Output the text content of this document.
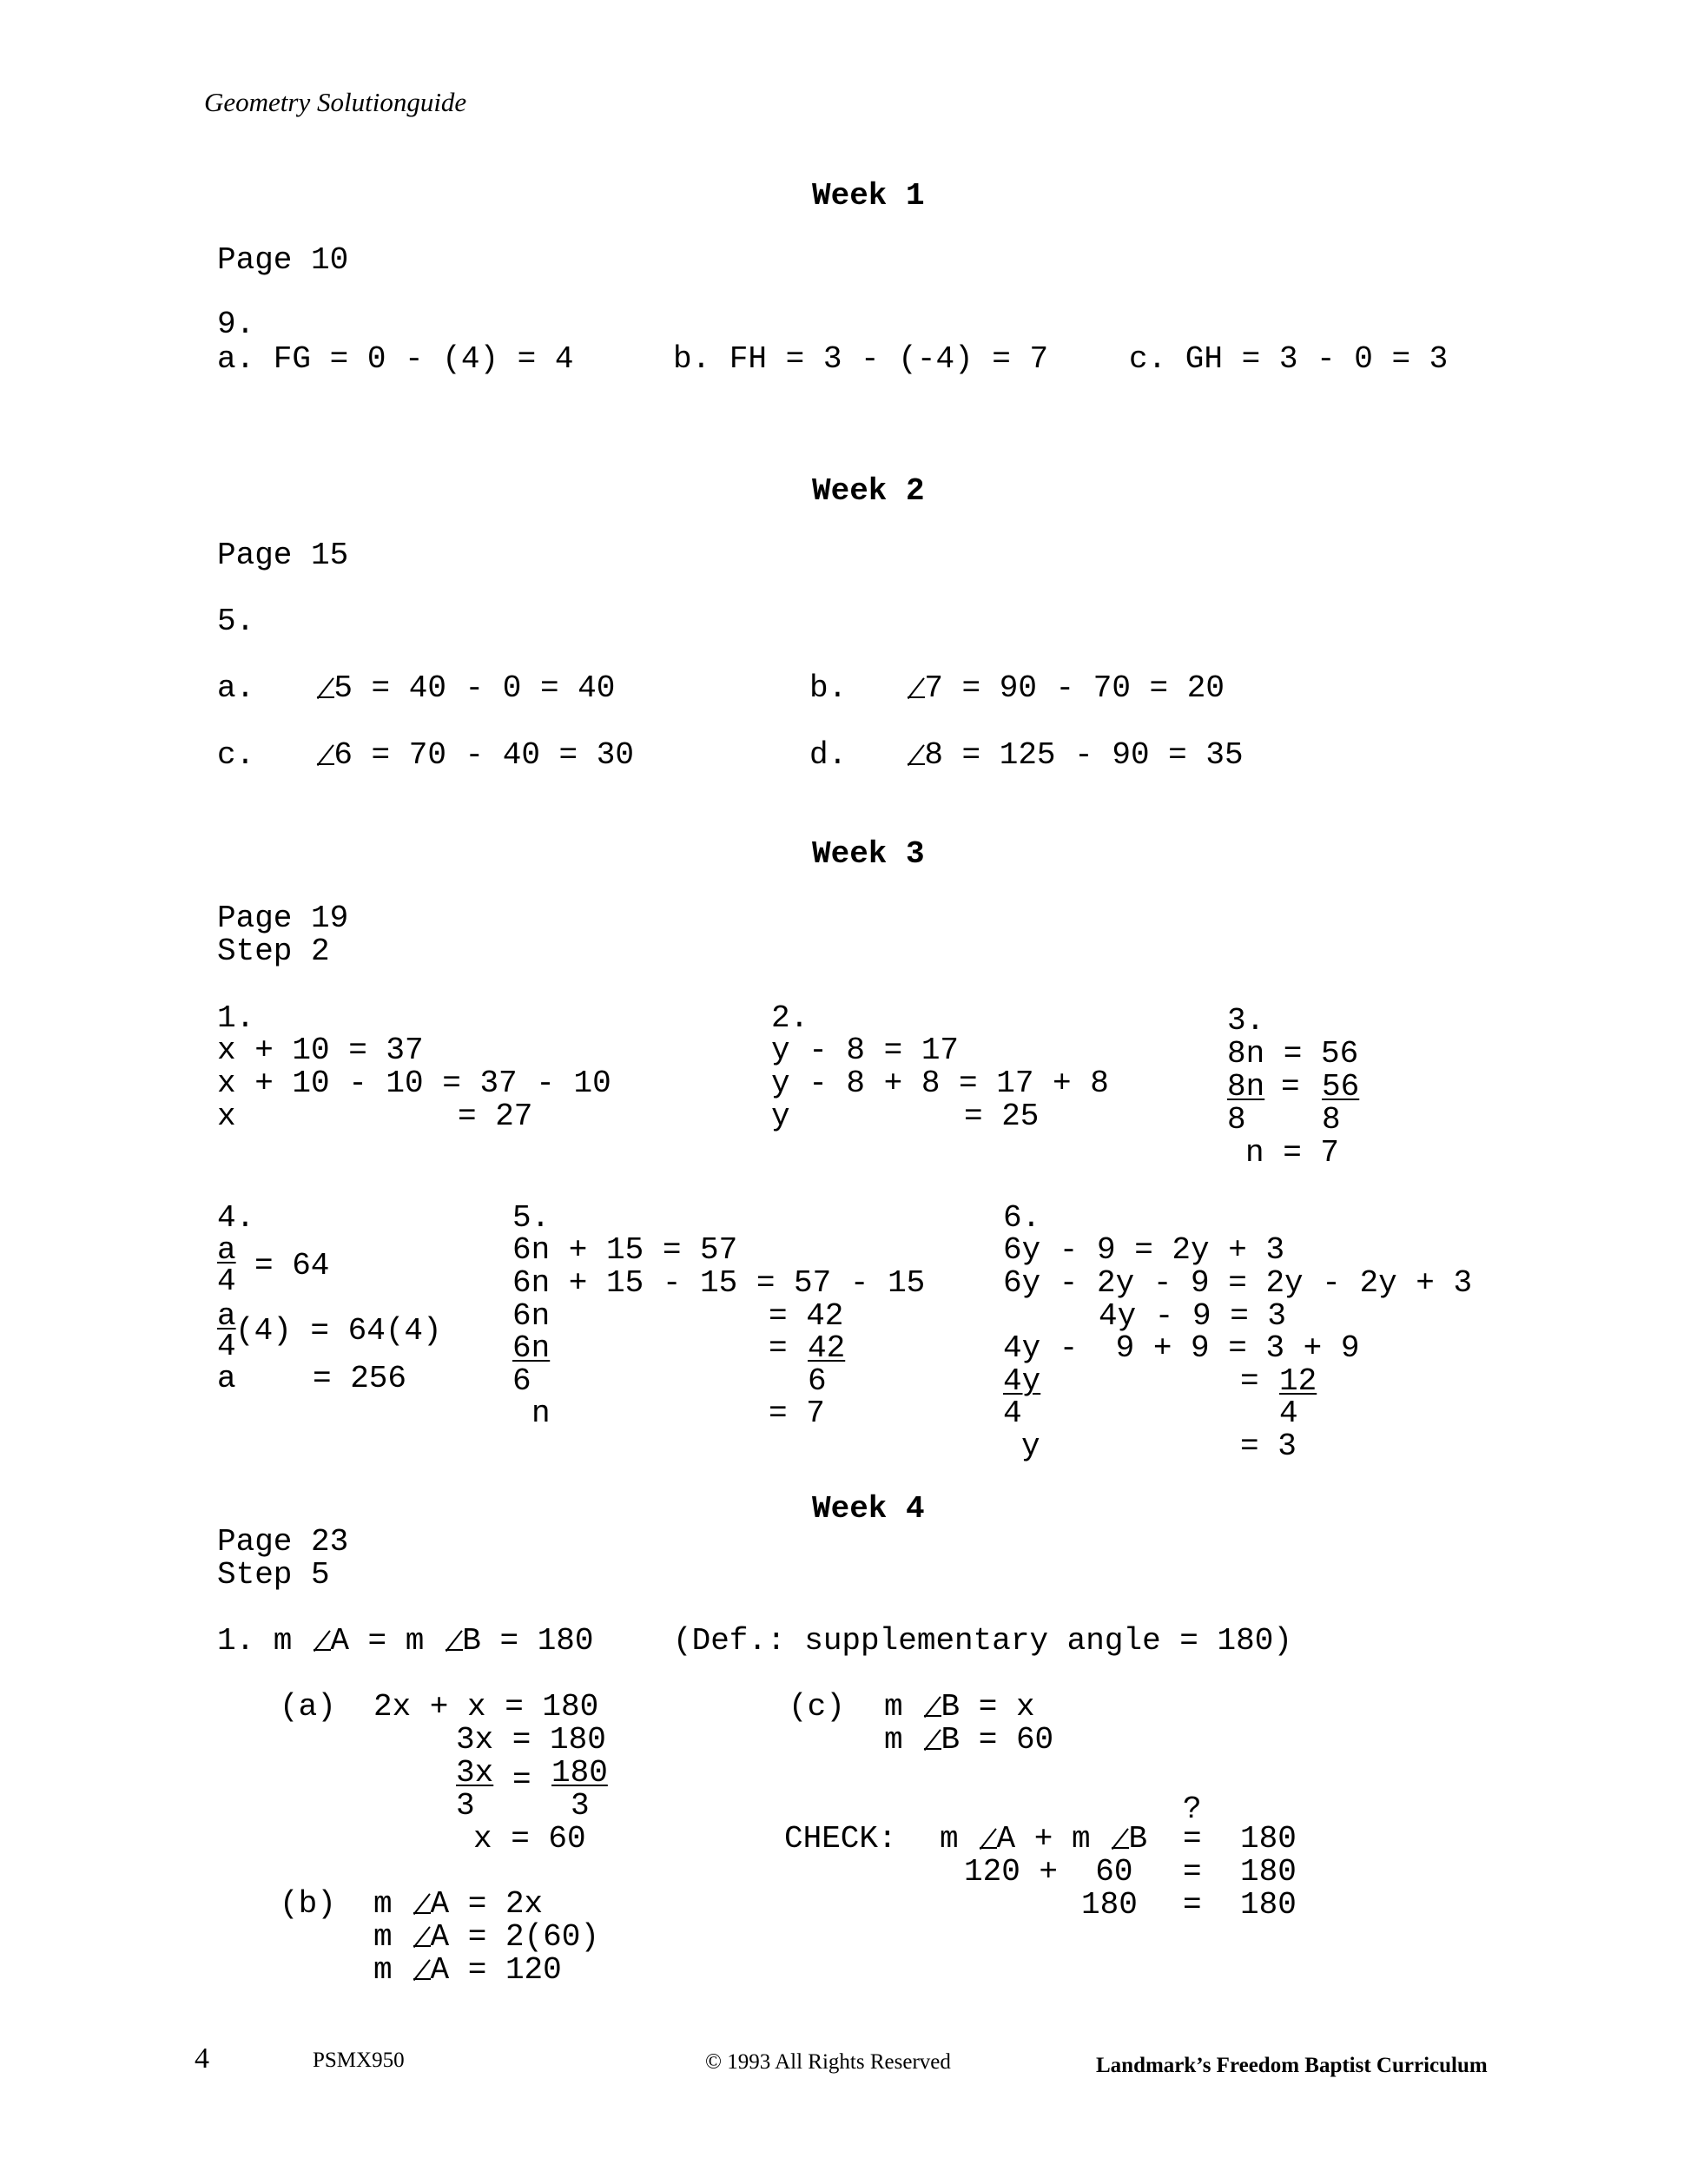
Geometry Solutionguide
Week 1
Page 10
9.
a. FG = 0 - (4) = 4	b. FH = 3 - (-4) = 7	c. GH = 3 - 0 = 3
Week 2
Page 15
5.
a.	5 = 40 - 0 = 40	b.	7 = 90 - 70 = 20
c.	6 = 70 - 40 = 30	d.	8 = 125 - 90 = 35
Week 3
Page 19
Step 2
1.
x + 10 = 37
x + 10 - 10 = 37 - 10
x	= 27
2.
y - 8 = 17
y - 8 + 8 = 17 + 8
y	= 25
3.
8n = 56
8n = 56
8 8
n = 7
4.
a = 64
4
a (4) = 64(4)
4
a = 256
5.
6n + 15 = 57
6n + 15 - 15 = 57 - 15
6n	= 42
6n	= 42
6	6
n	= 7
6.
6y - 9 = 2y + 3
6y - 2y - 9 = 2y - 2y + 3
4y - 9 = 3
4y -  9 + 9 = 3 + 9
4y	= 12
4	4
y	= 3
Week 4
Page 23
Step 5
1. m A = m B = 180	(Def.: supplementary angle = 180)
(a) 2x + x = 180
3x = 180
3x = 180
3	3
x = 60
(b) m A = 2x
m A = 2(60)
m A = 120
(c) m B = x
m B = 60
?
CHECK: m A + m B = 180
120 +  60 = 180
180 = 180
4	PSMX950	© 1993 All Rights Reserved	Landmark’s Freedom Baptist Curriculum
